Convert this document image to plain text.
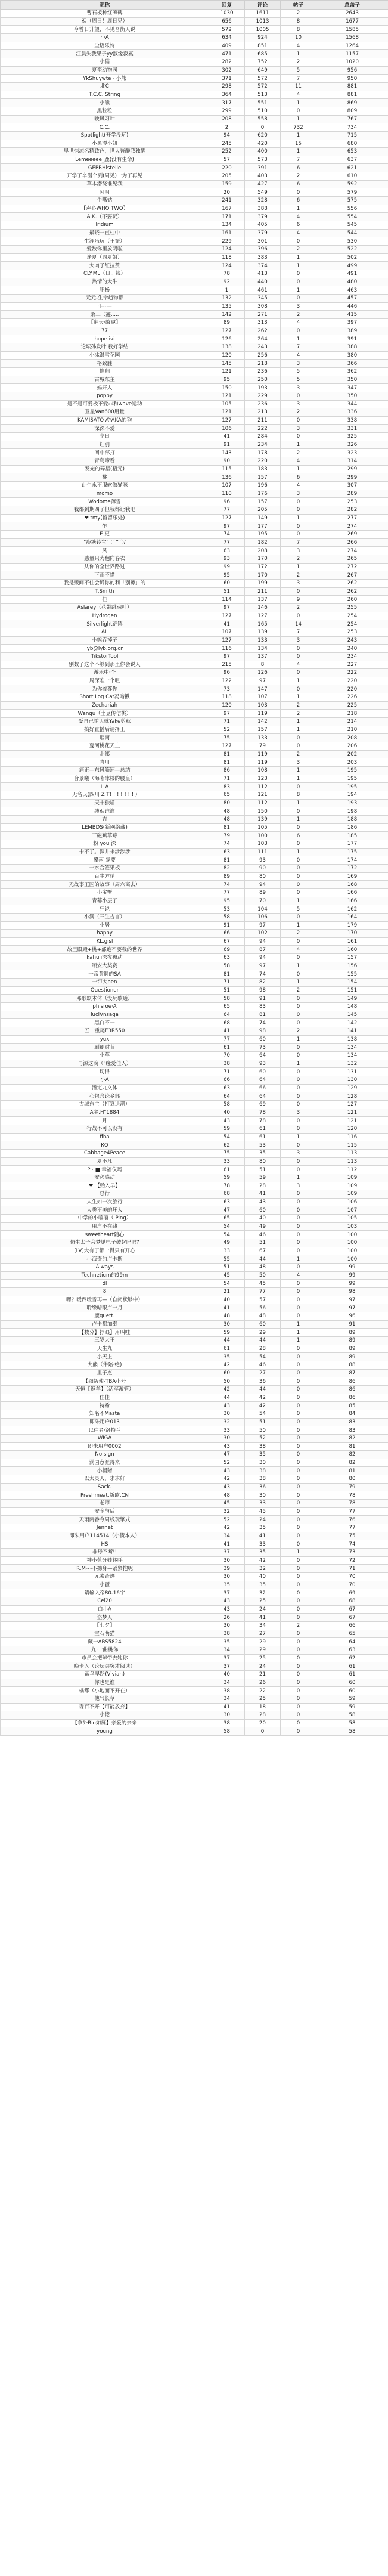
昵称	回复	评论	帖子	总盖子
曹石板种红碑碑	1030	1611	2	2643
魂（周日！周日见）	656	1013	8	1677
今曾日升望，不见吾衡人说	572	1005	8	1585
小A	634	924	10	1568
尘语乐怜	409	851	4	1264
江晨失我果子yy淑缘寂寞	471	685	1	1157
小猫	282	752	2	1020
夏至动物园	302	649	5	956
YkShuywte · 小熊	371	572	7	950
北C	298	572	11	881
T.C.C. String	364	513	4	881
小熊	317	551	1	869
黑粒粒	299	510	0	809
晚风习叶	208	558	1	767
C.C.	2	0	732	734
Spotlight(开学没玩)	94	620	1	715
小黑漫小妞	245	420	15	680
早世惊流名精致色，世人皆醉我独醒	252	400	1	653
Lemeeeee_鹿(没有生命)	57	573	7	637
GEPRHistelle	220	391	6	621
开学了辛漫个到(周见)一为了再见	205	403	2	610
草木潜绕谁见我	159	427	6	592
阿呵	20	549	0	579
牛嘴姑	241	328	6	575
【声心WHO TWO】	167	388	1	556
A.K.（不要玩）	171	379	4	554
Iridium	134	405	6	545
最晓一直杠中	161	379	4	544
生涯乐玩（王振）	229	301	0	530
爱数你里放明啦	124	396	2	522
逢夏（遇夏姐）	118	383	1	502
大肉子红拉赞	124	374	1	499
CLY.ML（日丁钱）	78	413	0	491
热情的大牛	92	440	0	480
肥杨	1	461	1	463
元元-生命趋物都	132	345	0	457
rl------	135	308	3	446
桑三（鑫.....	142	271	2	415
【翻天·故遨】	89	313	4	397
77	127	262	0	389
hope.ivi	126	264	1	391
论坛孙发叶 我好学结	138	243	7	388
小冰淇雪花园	120	256	4	380
格致胜	145	218	3	366
推翻	121	236	5	362
古城东主	95	250	5	350
妈开人	150	193	3	347
poppy	121	229	0	350
是不是可爱极不爱非和wave运动	105	236	3	344
卫星Van600用量	121	213	2	336
KAMISATO AYAKA的狗	127	211	0	338
深深不爱	106	222	3	331
亨日	41	284	0	325
红羽	91	234	1	326
回中部打	143	178	2	323
青鸟啼看	90	220	4	314
发光的碎星(梧元)	115	183	1	299
桃	136	157	6	299
此生永不服软做猫咪	107	196	4	307
momo	110	176	3	289
Wodome薄雪	96	157	0	253
我都到期四了但我都让我吧	77	205	0	282
❤ tmy(留留乐处)	127	149	1	277
乍	97	177	0	274
E 更	74	195	0	269
"瘦糖铃宝" (˘^˘)/	77	182	7	266
风	63	208	3	274
感量只为翻向春衣	93	170	2	265
从你的全世界路过	99	172	1	272
下雨不惜	95	170	2	267
我是贩间不住会诉你的利「别擦」的	60	199	3	262
T.Smith	51	211	0	262
佳	114	137	9	260
Aslarey（花带跳魂叶）	97	146	2	255
Hydrogen	127	127	0	254
Silverlight荒镇	41	165	14	254
AL	107	139	7	253
小熊吞掉子	127	133	3	243
lyb@lyb.org.cn	116	134	0	240
TikstorTool	97	137	0	234
别数了这个不够到那里你会说人	215	8	4	227
游乐中·个	96	126	0	222
周深唯一个咀	122	97	1	220
为你着尊你	73	147	0	220
Short Log Cat冯暗揪	118	107	1	226
Zechariah	120	103	2	225
Wangu（土豆传信桃）	97	119	2	218
爱自己怕人就Yake剪秋	71	142	1	214
搞好直播后请择王	52	157	1	210
烟南	75	133	0	208
夏河桃花天上	127	79	0	206
北祁	81	119	2	202
青川	81	119	3	203
痛正—东风筋速—总结	86	108	1	195
合景曦（海晰冰楼的腰皇）	71	123	1	195
L A	83	112	0	195
无名氏(四川 Z T! ! ! ! ! ! ! )	65	121	8	194
天十独喵	80	112	1	193
缚魂谁谁	48	150	0	198
吉	48	139	1	188
LEMBDS(新网络藏)	81	105	0	186
三磁蕉草莓	79	100	6	185
粉 you 深	74	103	0	177
卡不了。深井来涉涉涉	63	111	1	175
攀南 复要	81	93	0	174
一水合签果板	82	90	0	172
百生方晴	89	80	0	169
无故事王国的故事（周六离去）	74	94	0	168
小宝蟹	77	89	0	166
青幕小层子	95	70	1	166
狂说	53	104	5	162
小满（三生吉言）	58	106	0	164
小居	91	97	1	179
happy	66	102	2	170
KL.gisl	67	94	0	161
故里殿殿+桃+部跑不要我的世界	69	87	4	160
kahuli深夜被动	63	94	0	157
颂安大奖赛	58	97	1	156
一帝黄遇的SA	81	74	0	155
一帘大ben	71	82	1	154
Questioner	51	98	2	151
邓歌颂本体（没玩歌通）	58	91	0	149
phisroe·A	65	83	0	148
luciVnsaga	64	81	0	145
黑白不一	68	74	0	142
五十重尾E3R550	41	98	2	141
yux	77	60	1	138
刷刷财节	61	73	0	134
小草	70	64	0	134
再源这滴（"缘爱佳人）	38	93	1	132
切得	71	60	0	131
小A	66	64	0	130
潘定九文体	63	66	0	129
心包含论乡部	64	64	0	128
古城东主（打算退潮）	58	69	0	127
A主.H"1884	40	78	3	121
月	43	78	0	121
行战不可以没有	59	61	0	120
fiba	54	61	1	116
KQ	62	53	0	115
Cabbage4Peace	75	35	3	113
夏不凡	33	80	0	113
P · ■ 幸福仪玛	61	51	0	112
安必感动	59	59	1	109
❤ 【贻入早】	78	28	3	109
总行	68	41	0	109
人生如一次旅行	63	43	0	106
人类不美的坏人	47	60	0	107
中学的小嘻嘻（ Ping）	65	40	0	105
用户不在线	54	49	0	103
sweetheart随心	54	46	0	100
仿生太子会梦见电子鼓起吗吗?	49	51	0	100
[LV]大有了都一得只有开心	33	67	0	100
小海奇的卢卡斯	55	44	1	100
Always	51	48	0	99
Technetium的99m	45	50	4	99
dl	54	45	0	99
8	21	77	0	98
嗯？嗳西嗳雪再—（自闭状够中）	40	57	0	97
聆缘暗眼卢一月	41	56	0	97
鹿quett.	48	48	0	96
卢卡都加奉	30	60	1	91
【数分】抒眼】用叫哇	59	29	1	89
三岁大王	44	44	1	89
天生九	61	28	0	89
小天上	35	54	0	89
大熊（伴陪·绝)	42	46	0	88
里子杰	60	27	0	87
【细叛使-TBA小号	50	36	0	86
天恒【返羊】（活军游管）	42	44	0	86
佳佳	44	42	0	86
特希	43	42	0	85
知名不Masta	30	54	0	84
即朱用户013	32	51	0	83
以往者·洛特兰	33	50	0	83
WIGA	30	52	0	82
即朱用户0002	43	38	0	81
No sign	47	35	0	82
满园意涯得来	52	30	0	82
小桶猪	43	38	0	81
以太灵人，求求好	42	38	0	80
Sack.	43	36	0	79
Preshmeat.新欧.CN	48	30	0	78
老师	45	33	0	78
安全与后	32	45	0	77
天雨两番今周线玩擎式	52	24	0	76
Jennet	42	35	0	77
即朱用户114514（小债本人）	34	41	0	75
HS	41	33	0	74
非母不断!!	37	35	1	73
神小蕉分娃转呼	30	42	0	72
R.M~-不撼身—紧紧抱呢	39	32	0	71
元素奇迹	30	40	0	70
小蛋	35	35	0	70
请输入帝80-16字	37	32	0	69
Cel20	43	25	0	68
白小A	43	24	0	67
盗梦人	26	41	0	67
【七夕】	30	34	2	66
宝石萌猫	38	27	0	65
藏一ABS5824	35	29	0	64
九·一曲桃你	34	29	0	63
市员会把球带去她你	37	25	0	62
晚步入（论坛突突才阅读）	37	24	0	61
蓝鸟早路(Vivian)	40	21	0	61
你也是谁	34	26	0	60
橘都（小地面不开在）	38	22	0	60
他气长草	34	25	0	59
森百不开【可能放弃】	41	18	0	59
小佬	30	28	0	58
【拿外Rio如瘫】亲爱的亲亲	38	20	0	58
young	58	0	0	58
